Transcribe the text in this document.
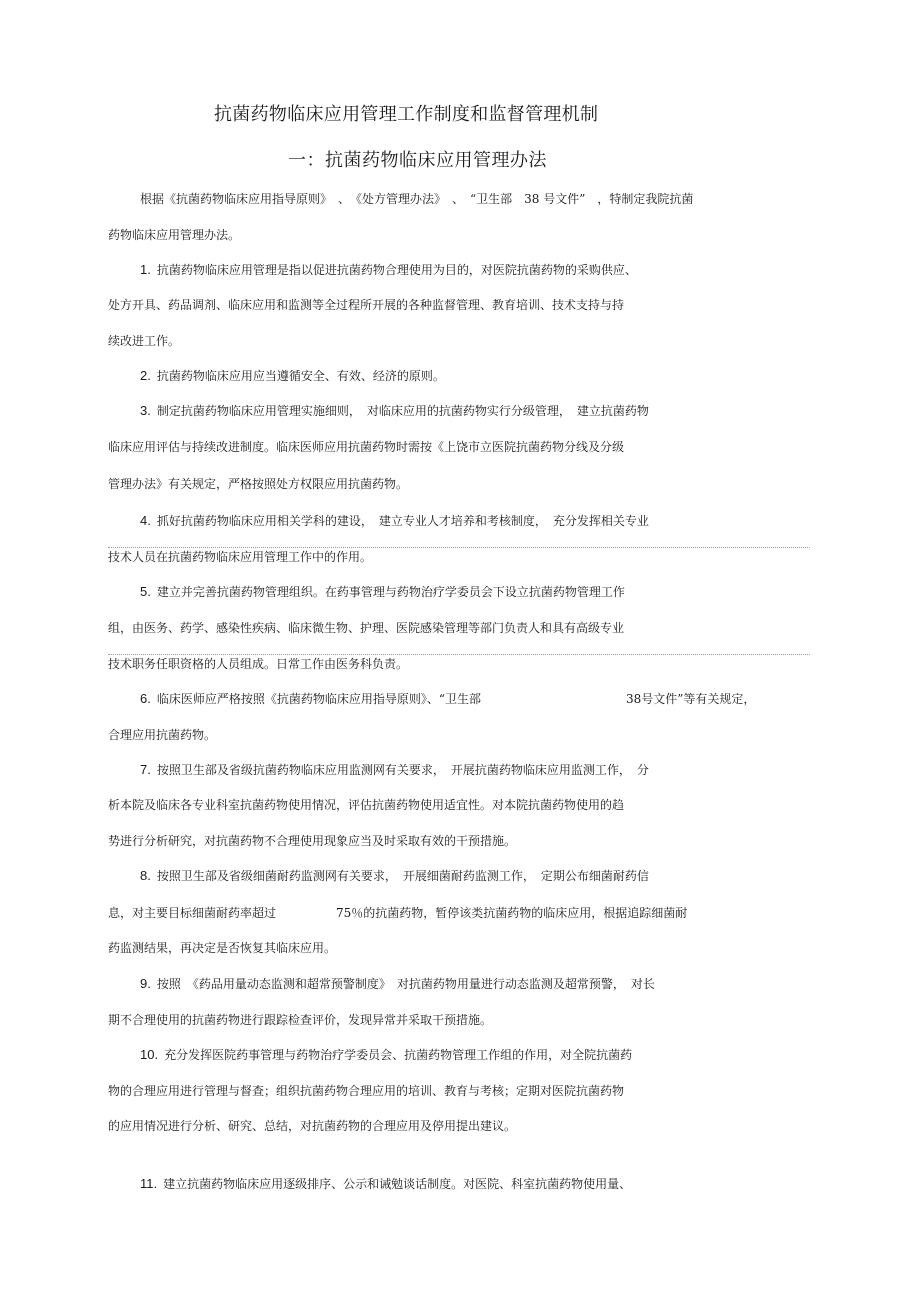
抗菌药物临床应用管理工作制度和监督管理机制
一：抗菌药物临床应用管理办法
根据《抗菌药物临床应用指导原则》　、　《处方管理办法》　、　“卫生部　38 号文件”　，特制定我院抗菌
药物临床应用管理办法。
1. 抗菌药物临床应用管理是指以促进抗菌药物合理使用为目的，对医院抗菌药物的采购供应、
处方开具、药品调剂、临床应用和监测等全过程所开展的各种监督管理、教育培训、技术支持与持
续改进工作。
2. 抗菌药物临床应用应当遵循安全、有效、经济的原则。
3. 制定抗菌药物临床应用管理实施细则，　对临床应用的抗菌药物实行分级管理，　建立抗菌药物
临床应用评估与持续改进制度。临床医师应用抗菌药物时需按《上饶市立医院抗菌药物分线及分级
管理办法》有关规定，严格按照处方权限应用抗菌药物。
4. 抓好抗菌药物临床应用相关学科的建设，　建立专业人才培养和考核制度，　充分发挥相关专业
技术人员在抗菌药物临床应用管理工作中的作用。
5. 建立并完善抗菌药物管理组织。在药事管理与药物治疗学委员会下设立抗菌药物管理工作
组，由医务、药学、感染性疾病、临床微生物、护理、医院感染管理等部门负责人和具有高级专业
技术职务任职资格的人员组成。日常工作由医务科负责。
6. 临床医师应严格按照《抗菌药物临床应用指导原则》、“卫生部	38号文件”等有关规定，
合理应用抗菌药物。
7. 按照卫生部及省级抗菌药物临床应用监测网有关要求，　开展抗菌药物临床应用监测工作，　分
析本院及临床各专业科室抗菌药物使用情况，评估抗菌药物使用适宜性。对本院抗菌药物使用的趋
势进行分析研究，对抗菌药物不合理使用现象应当及时采取有效的干预措施。
8. 按照卫生部及省级细菌耐药监测网有关要求，　开展细菌耐药监测工作，　定期公布细菌耐药信
息，对主要目标细菌耐药率超过	75％的抗菌药物，暂停该类抗菌药物的临床应用，根据追踪细菌耐
药监测结果，再决定是否恢复其临床应用。
9. 按照　《药品用量动态监测和超常预警制度》　对抗菌药物用量进行动态监测及超常预警，　对长
期不合理使用的抗菌药物进行跟踪检查评价，发现异常并采取干预措施。
10. 充分发挥医院药事管理与药物治疗学委员会、抗菌药物管理工作组的作用，对全院抗菌药
物的合理应用进行管理与督查；组织抗菌药物合理应用的培训、教育与考核；定期对医院抗菌药物
的应用情况进行分析、研究、总结，对抗菌药物的合理应用及停用提出建议。
11. 建立抗菌药物临床应用逐级排序、公示和诫勉谈话制度。对医院、科室抗菌药物使用量、
